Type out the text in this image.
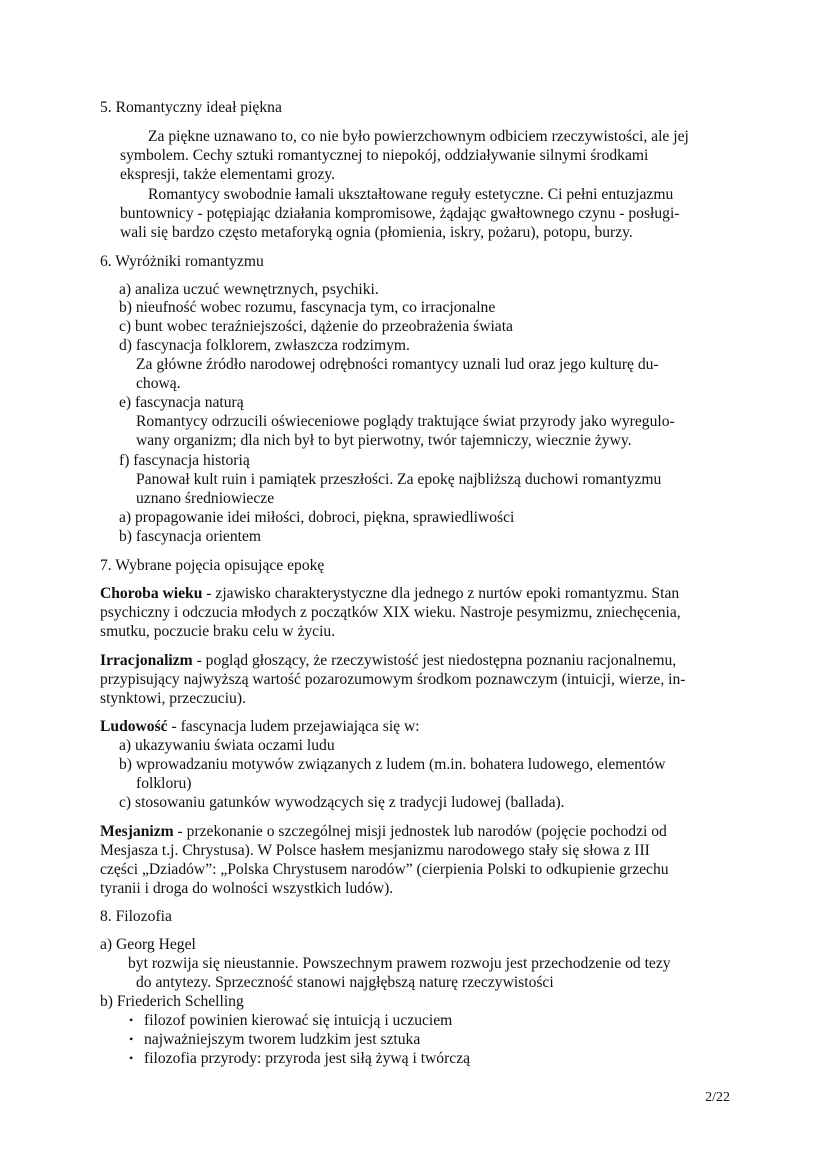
5. Romantyczny ideał piękna
Za piękne uznawano to, co nie było powierzchownym odbiciem rzeczywistości, ale jej
symbolem. Cechy sztuki romantycznej to niepokój, oddziaływanie silnymi środkami
ekspresji, także elementami grozy.
Romantycy swobodnie łamali ukształtowane reguły estetyczne. Ci pełni entuzjazmu
buntownicy - potępiając działania kompromisowe, żądając gwałtownego czynu - posługi-
wali się bardzo często metaforyką ognia (płomienia, iskry, pożaru), potopu, burzy.
6. Wyróżniki romantyzmu
a) analiza uczuć wewnętrznych, psychiki.
b) nieufność wobec rozumu, fascynacja tym, co irracjonalne
c) bunt wobec teraźniejszości, dążenie do przeobrażenia świata
d) fascynacja folklorem, zwłaszcza rodzimym.
Za główne źródło narodowej odrębności romantycy uznali lud oraz jego kulturę du-
chową.
e) fascynacja naturą
Romantycy odrzucili oświeceniowe poglądy traktujące świat przyrody jako wyregulo-
wany organizm; dla nich był to byt pierwotny, twór tajemniczy, wiecznie żywy.
f) fascynacja historią
Panował kult ruin i pamiątek przeszłości. Za epokę najbliższą duchowi romantyzmu
uznano średniowiecze
a) propagowanie idei miłości, dobroci, piękna, sprawiedliwości
b) fascynacja orientem
7. Wybrane pojęcia opisujące epokę
Choroba wieku - zjawisko charakterystyczne dla jednego z nurtów epoki romantyzmu. Stan
psychiczny i odczucia młodych z początków XIX wieku. Nastroje pesymizmu, zniechęcenia,
smutku, poczucie braku celu w życiu.
Irracjonalizm - pogląd głoszący, że rzeczywistość jest niedostępna poznaniu racjonalnemu,
przypisujący najwyższą wartość pozarozumowym środkom poznawczym (intuicji, wierze, in-
stynktowi, przeczuciu).
Ludowość - fascynacja ludem przejawiająca się w:
a) ukazywaniu świata oczami ludu
b) wprowadzaniu motywów związanych z ludem (m.in. bohatera ludowego, elementów
folkloru)
c) stosowaniu gatunków wywodzących się z tradycji ludowej (ballada).
Mesjanizm - przekonanie o szczególnej misji jednostek lub narodów (pojęcie pochodzi od
Mesjasza t.j. Chrystusa). W Polsce hasłem mesjanizmu narodowego stały się słowa z III
części „Dziadów”: „Polska Chrystusem narodów” (cierpienia Polski to odkupienie grzechu
tyranii i droga do wolności wszystkich ludów).
8. Filozofia
a) Georg Hegel
byt rozwija się nieustannie. Powszechnym prawem rozwoju jest przechodzenie od tezy
do antytezy. Sprzeczność stanowi najgłębszą naturę rzeczywistości
b) Friederich Schelling
• filozof powinien kierować się intuicją i uczuciem
• najważniejszym tworem ludzkim jest sztuka
• filozofia przyrody: przyroda jest siłą żywą i twórczą
2/22
